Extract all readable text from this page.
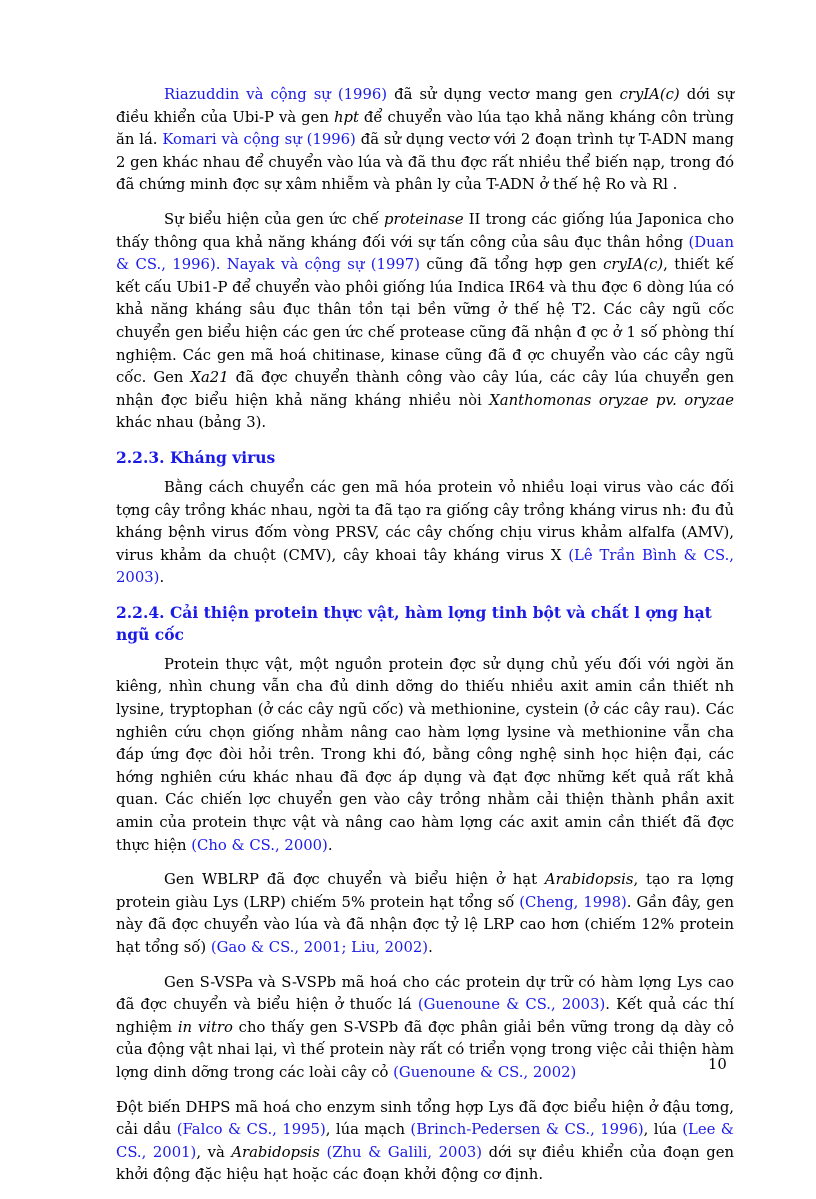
Riazuddin và cộng sự (1996) đã sử dụng vectơ mang gen cryIA(c) dới sự điều khiển của Ubi-P và gen hpt để chuyển vào lúa tạo khả năng kháng côn trùng ăn lá. Komari và cộng sự (1996) đã sử dụng vectơ với 2 đoạn trình tự T-ADN mang 2 gen khác nhau để chuyển vào lúa và đã thu đợc rất nhiều thể biến nạp, trong đó đã chứng minh đợc sự xâm nhiễm và phân ly của T-ADN ở thế hệ Ro và Rl .

Sự biểu hiện của gen ức chế proteinase II trong các giống lúa Japonica cho thấy thông qua khả năng kháng đối với sự tấn công của sâu đục thân hồng (Duan & CS., 1996). Nayak và cộng sự (1997) cũng đã tổng hợp gen cryIA(c), thiết kế kết cấu Ubi1-P để chuyển vào phôi giống lúa Indica IR64 và thu đợc 6 dòng lúa có khả năng kháng sâu đục thân tồn tại bền vững ở thế hệ T2. Các cây ngũ cốc chuyển gen biểu hiện các gen ức chế protease cũng đã nhận đ ợc ở 1 số phòng thí nghiệm. Các gen mã hoá chitinase, kinase cũng đã đ ợc chuyển vào các cây ngũ cốc. Gen Xa21 đã đợc chuyển thành công vào cây lúa, các cây lúa chuyển gen nhận đợc biểu hiện khả năng kháng nhiều nòi Xanthomonas oryzae pv. oryzae khác nhau (bảng 3).

2.2.3. Kháng virus

Bằng cách chuyển các gen mã hóa protein vỏ nhiều loại virus vào các đối tợng cây trồng khác nhau, ngời ta đã tạo ra giống cây trồng kháng virus nh: đu đủ kháng bệnh virus đốm vòng PRSV, các cây chống chịu virus khảm alfalfa (AMV), virus khảm da chuột (CMV), cây khoai tây kháng virus X (Lê Trần Bình & CS., 2003).

2.2.4. Cải thiện protein thực vật, hàm lợng tinh bột và chất l ợng hạt ngũ cốc

Protein thực vật, một nguồn protein đợc sử dụng chủ yếu đối với ngời ăn kiêng, nhìn chung vẫn cha đủ dinh dỡng do thiếu nhiều axit amin cần thiết nh lysine, tryptophan (ở các cây ngũ cốc) và methionine, cystein (ở các cây rau). Các nghiên cứu chọn giống nhằm nâng cao hàm lợng lysine và methionine vẫn cha đáp ứng đợc đòi hỏi trên. Trong khi đó, bằng công nghệ sinh học hiện đại, các hớng nghiên cứu khác nhau đã đợc áp dụng và đạt đợc những kết quả rất khả quan. Các chiến lợc chuyển gen vào cây trồng nhằm cải thiện thành phần axit amin của protein thực vật và nâng cao hàm lợng các axit amin cần thiết đã đợc thực hiện (Cho & CS., 2000).

Gen WBLRP đã đợc chuyển và biểu hiện ở hạt Arabidopsis, tạo ra lợng protein giàu Lys (LRP) chiếm 5% protein hạt tổng số (Cheng, 1998). Gần đây, gen này đã đợc chuyển vào lúa và đã nhận đợc tỷ lệ LRP cao hơn (chiếm 12% protein hạt tổng số) (Gao & CS., 2001; Liu, 2002).

Gen S-VSPa và S-VSPb mã hoá cho các protein dự trữ có hàm lợng Lys cao đã đợc chuyển và biểu hiện ở thuốc lá (Guenoune & CS., 2003). Kết quả các thí nghiệm in vitro cho thấy gen S-VSPb đã đợc phân giải bền vững trong dạ dày cỏ của động vật nhai lại, vì thế protein này rất có triển vọng trong việc cải thiện hàm lợng dinh dỡng trong các loài cây cỏ (Guenoune & CS., 2002)

Đột biến DHPS mã hoá cho enzym sinh tổng hợp Lys đã đợc biểu hiện ở đậu tơng, cải dầu (Falco & CS., 1995), lúa mạch (Brinch-Pedersen & CS., 1996), lúa (Lee & CS., 2001), và Arabidopsis (Zhu & Galili, 2003) dới sự điều khiển của đoạn gen khởi động đặc hiệu hạt hoặc các đoạn khởi động cơ định.

10
